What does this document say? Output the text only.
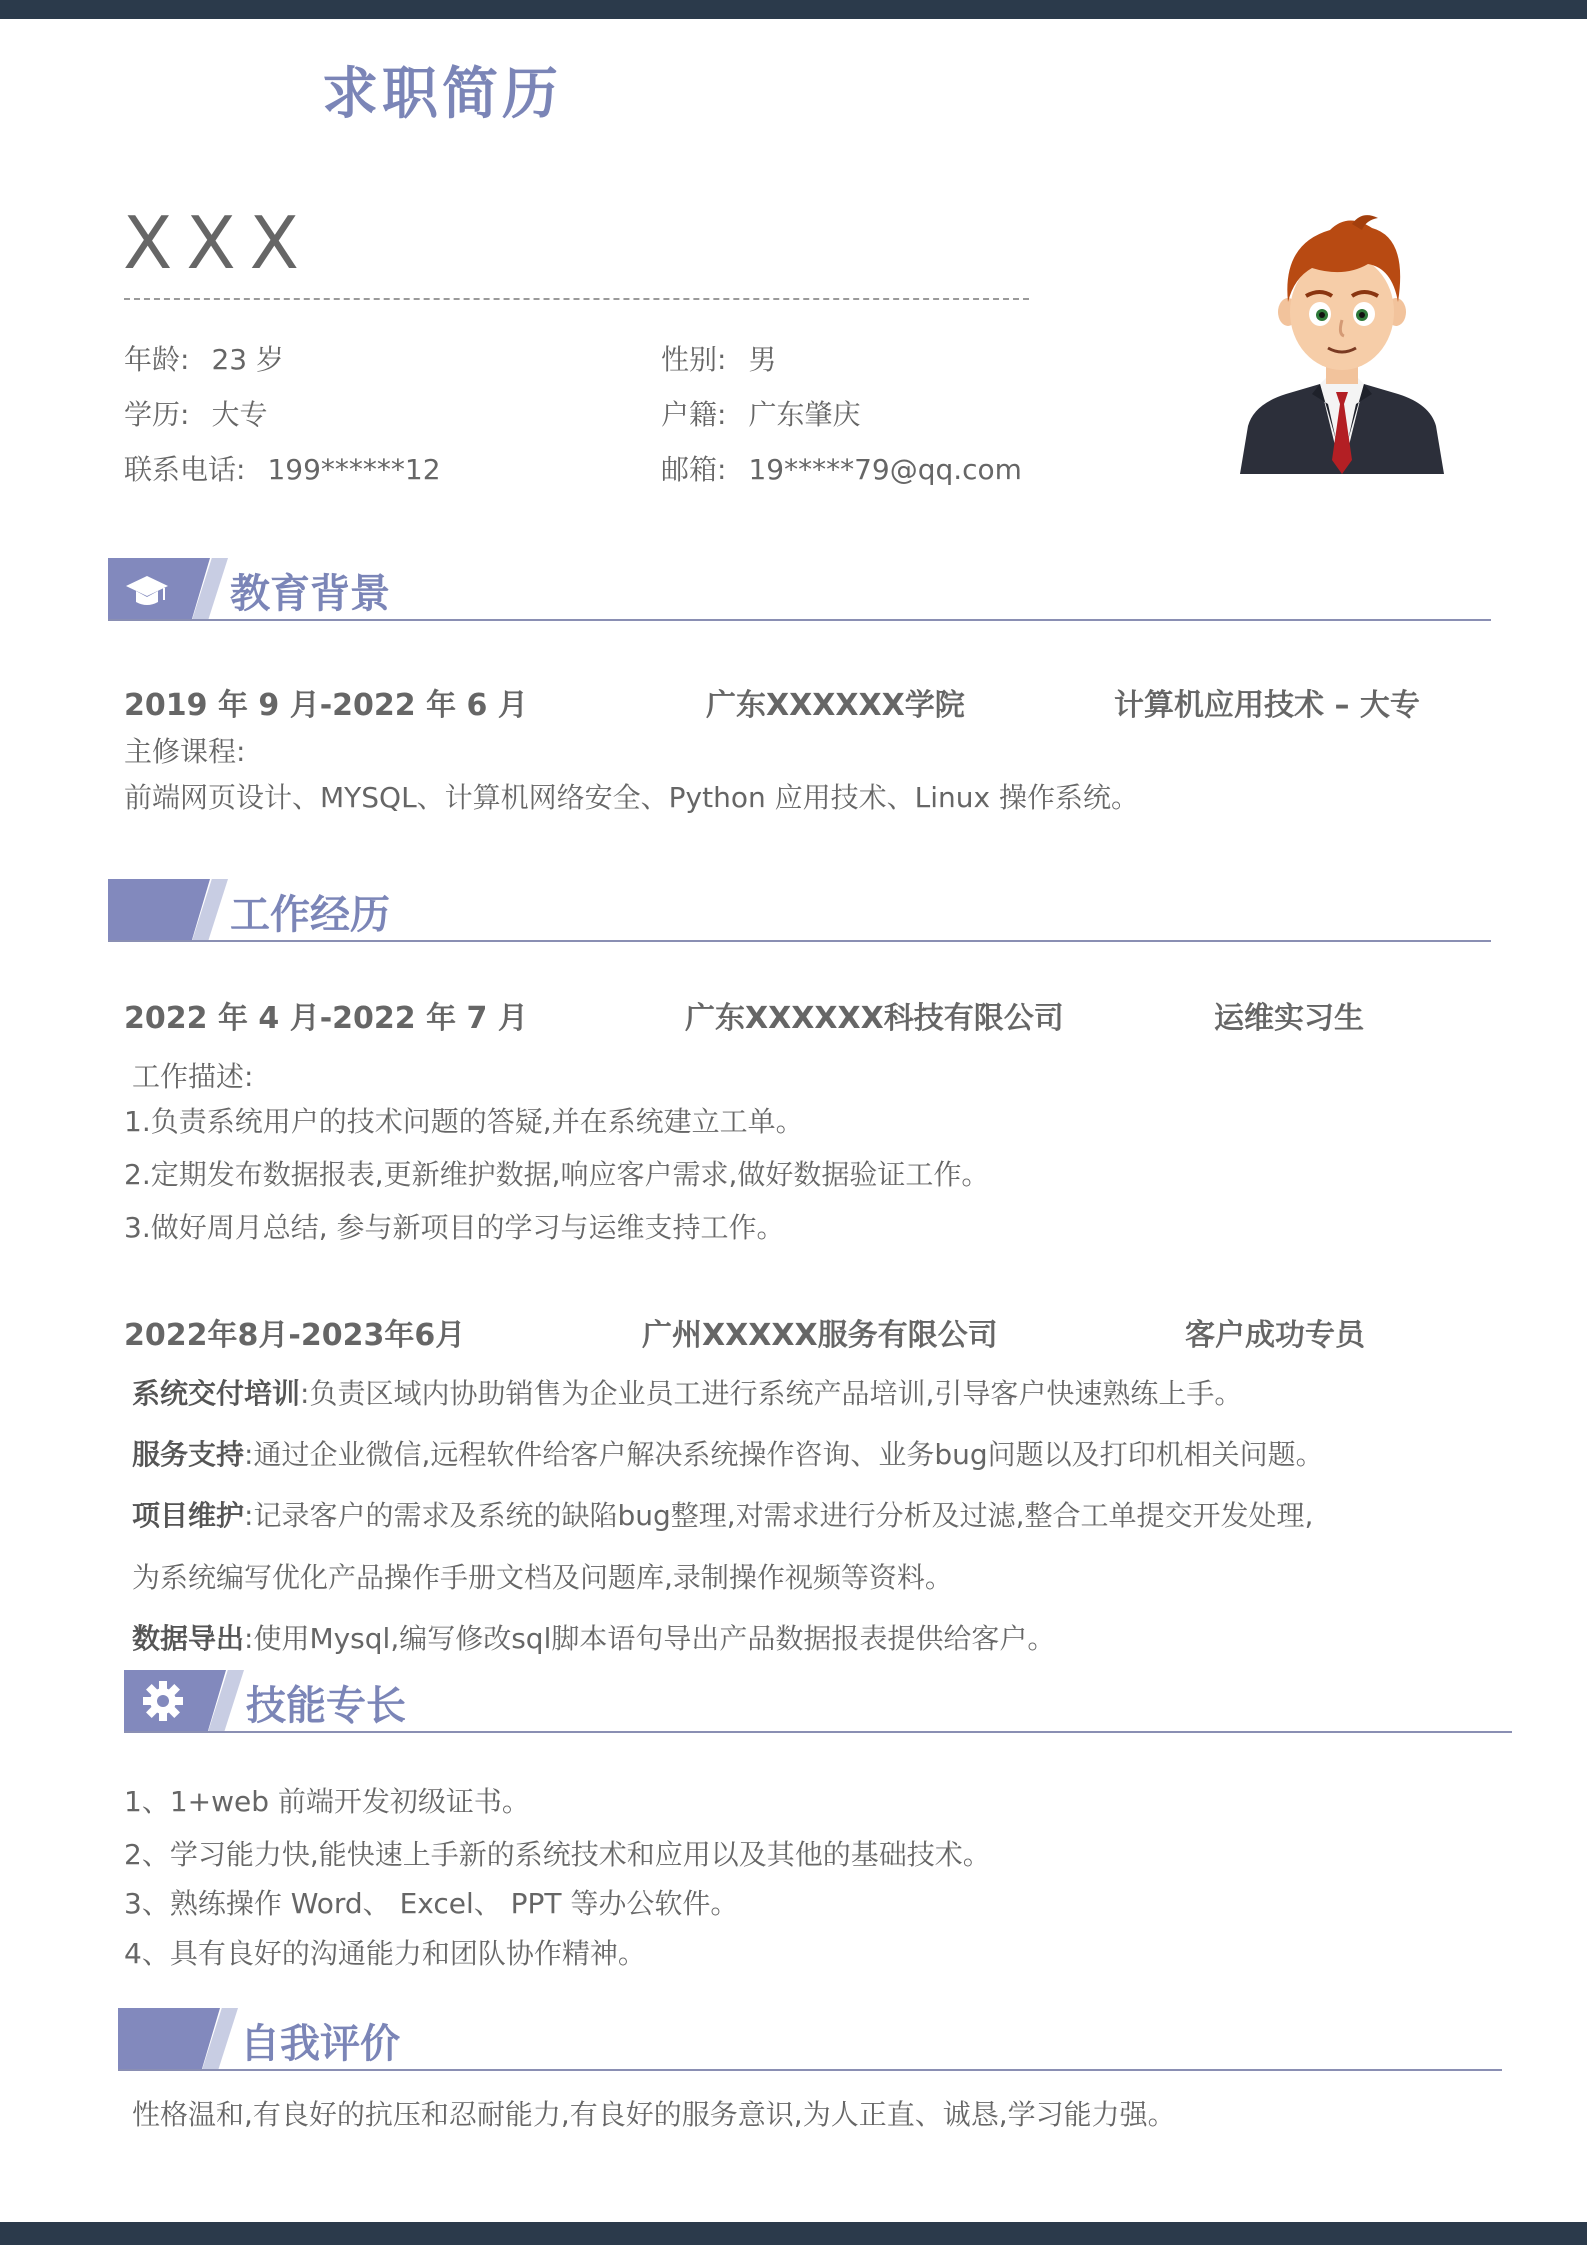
求职简历
XXX
年龄: 23 岁	性别: 男
学历: 大专	户籍: 广东肇庆
联系电话: 199******12	邮箱: 19*****79@qq.com
教育背景
2019 年 9 月-2022 年 6 月	广东XXXXXX学院	计算机应用技术 – 大专
主修课程:
前端网页设计、MYSQL、计算机网络安全、Python 应用技术、Linux 操作系统。
工作经历
2022 年 4 月-2022 年 7 月	广东XXXXXX科技有限公司	运维实习生
工作描述:
1.负责系统用户的技术问题的答疑,并在系统建立工单。
2.定期发布数据报表,更新维护数据,响应客户需求,做好数据验证工作。
3.做好周月总结, 参与新项目的学习与运维支持工作。
2022年8月-2023年6月	广州XXXXX服务有限公司	客户成功专员
系统交付培训:负责区域内协助销售为企业员工进行系统产品培训,引导客户快速熟练上手。
服务支持:通过企业微信,远程软件给客户解决系统操作咨询、业务bug问题以及打印机相关问题。
项目维护:记录客户的需求及系统的缺陷bug整理,对需求进行分析及过滤,整合工单提交开发处理,
为系统编写优化产品操作手册文档及问题库,录制操作视频等资料。
数据导出:使用Mysql,编写修改sql脚本语句导出产品数据报表提供给客户。
技能专长
1、1+web 前端开发初级证书。
2、学习能力快,能快速上手新的系统技术和应用以及其他的基础技术。
3、熟练操作 Word、 Excel、 PPT 等办公软件。
4、具有良好的沟通能力和团队协作精神。
自我评价
性格温和,有良好的抗压和忍耐能力,有良好的服务意识,为人正直、诚恳,学习能力强。
